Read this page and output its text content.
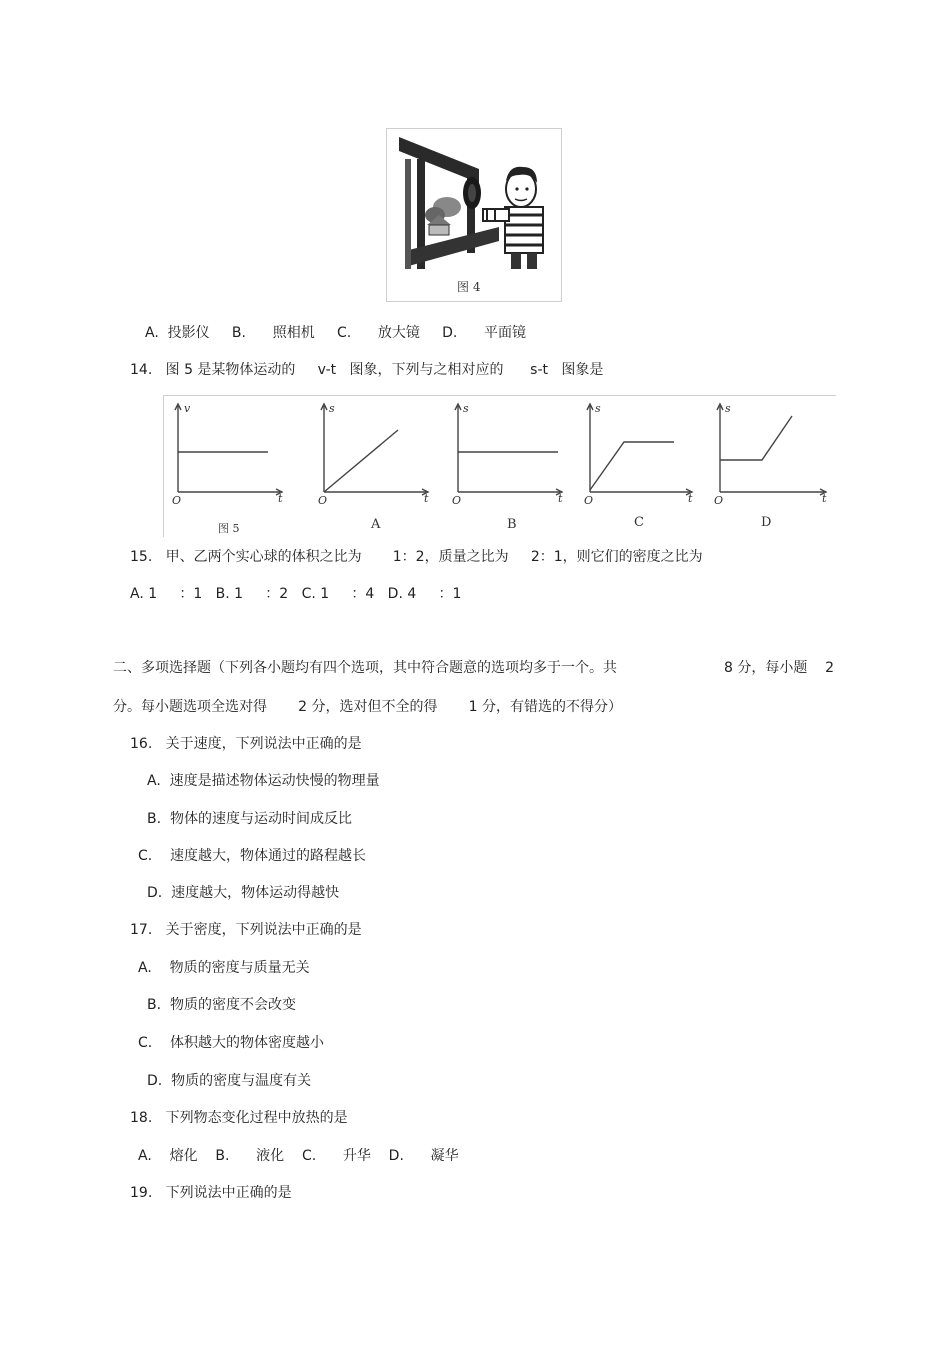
图 4
A.  投影仪     B.      照相机     C.      放大镜     D.      平面镜
14.   图 5 是某物体运动的     v-t   图象，下列与之相对应的      s-t   图象是
v
O	t
s
O	t
s
O	t
s
O	t
s
O	t
图 5	A	B	C	D
15.   甲、乙两个实心球的体积之比为       1：2，质量之比为     2：1，则它们的密度之比为
A. 1     ：1   B. 1     ：2   C. 1     ：4   D. 4     ：1
二、多项选择题（下列各小题均有四个选项，其中符合题意的选项均多于一个。共	8 分，每小题    2
分。每小题选项全选对得       2 分，选对但不全的得       1 分，有错选的不得分）
16.   关于速度，下列说法中正确的是
A.  速度是描述物体运动快慢的物理量
B.  物体的速度与运动时间成反比
C.    速度越大，物体通过的路程越长
D.  速度越大，物体运动得越快
17.   关于密度，下列说法中正确的是
A.    物质的密度与质量无关
B.  物质的密度不会改变
C.    体积越大的物体密度越小
D.  物质的密度与温度有关
18.   下列物态变化过程中放热的是
A.    熔化    B.      液化    C.      升华    D.      凝华
19.   下列说法中正确的是
